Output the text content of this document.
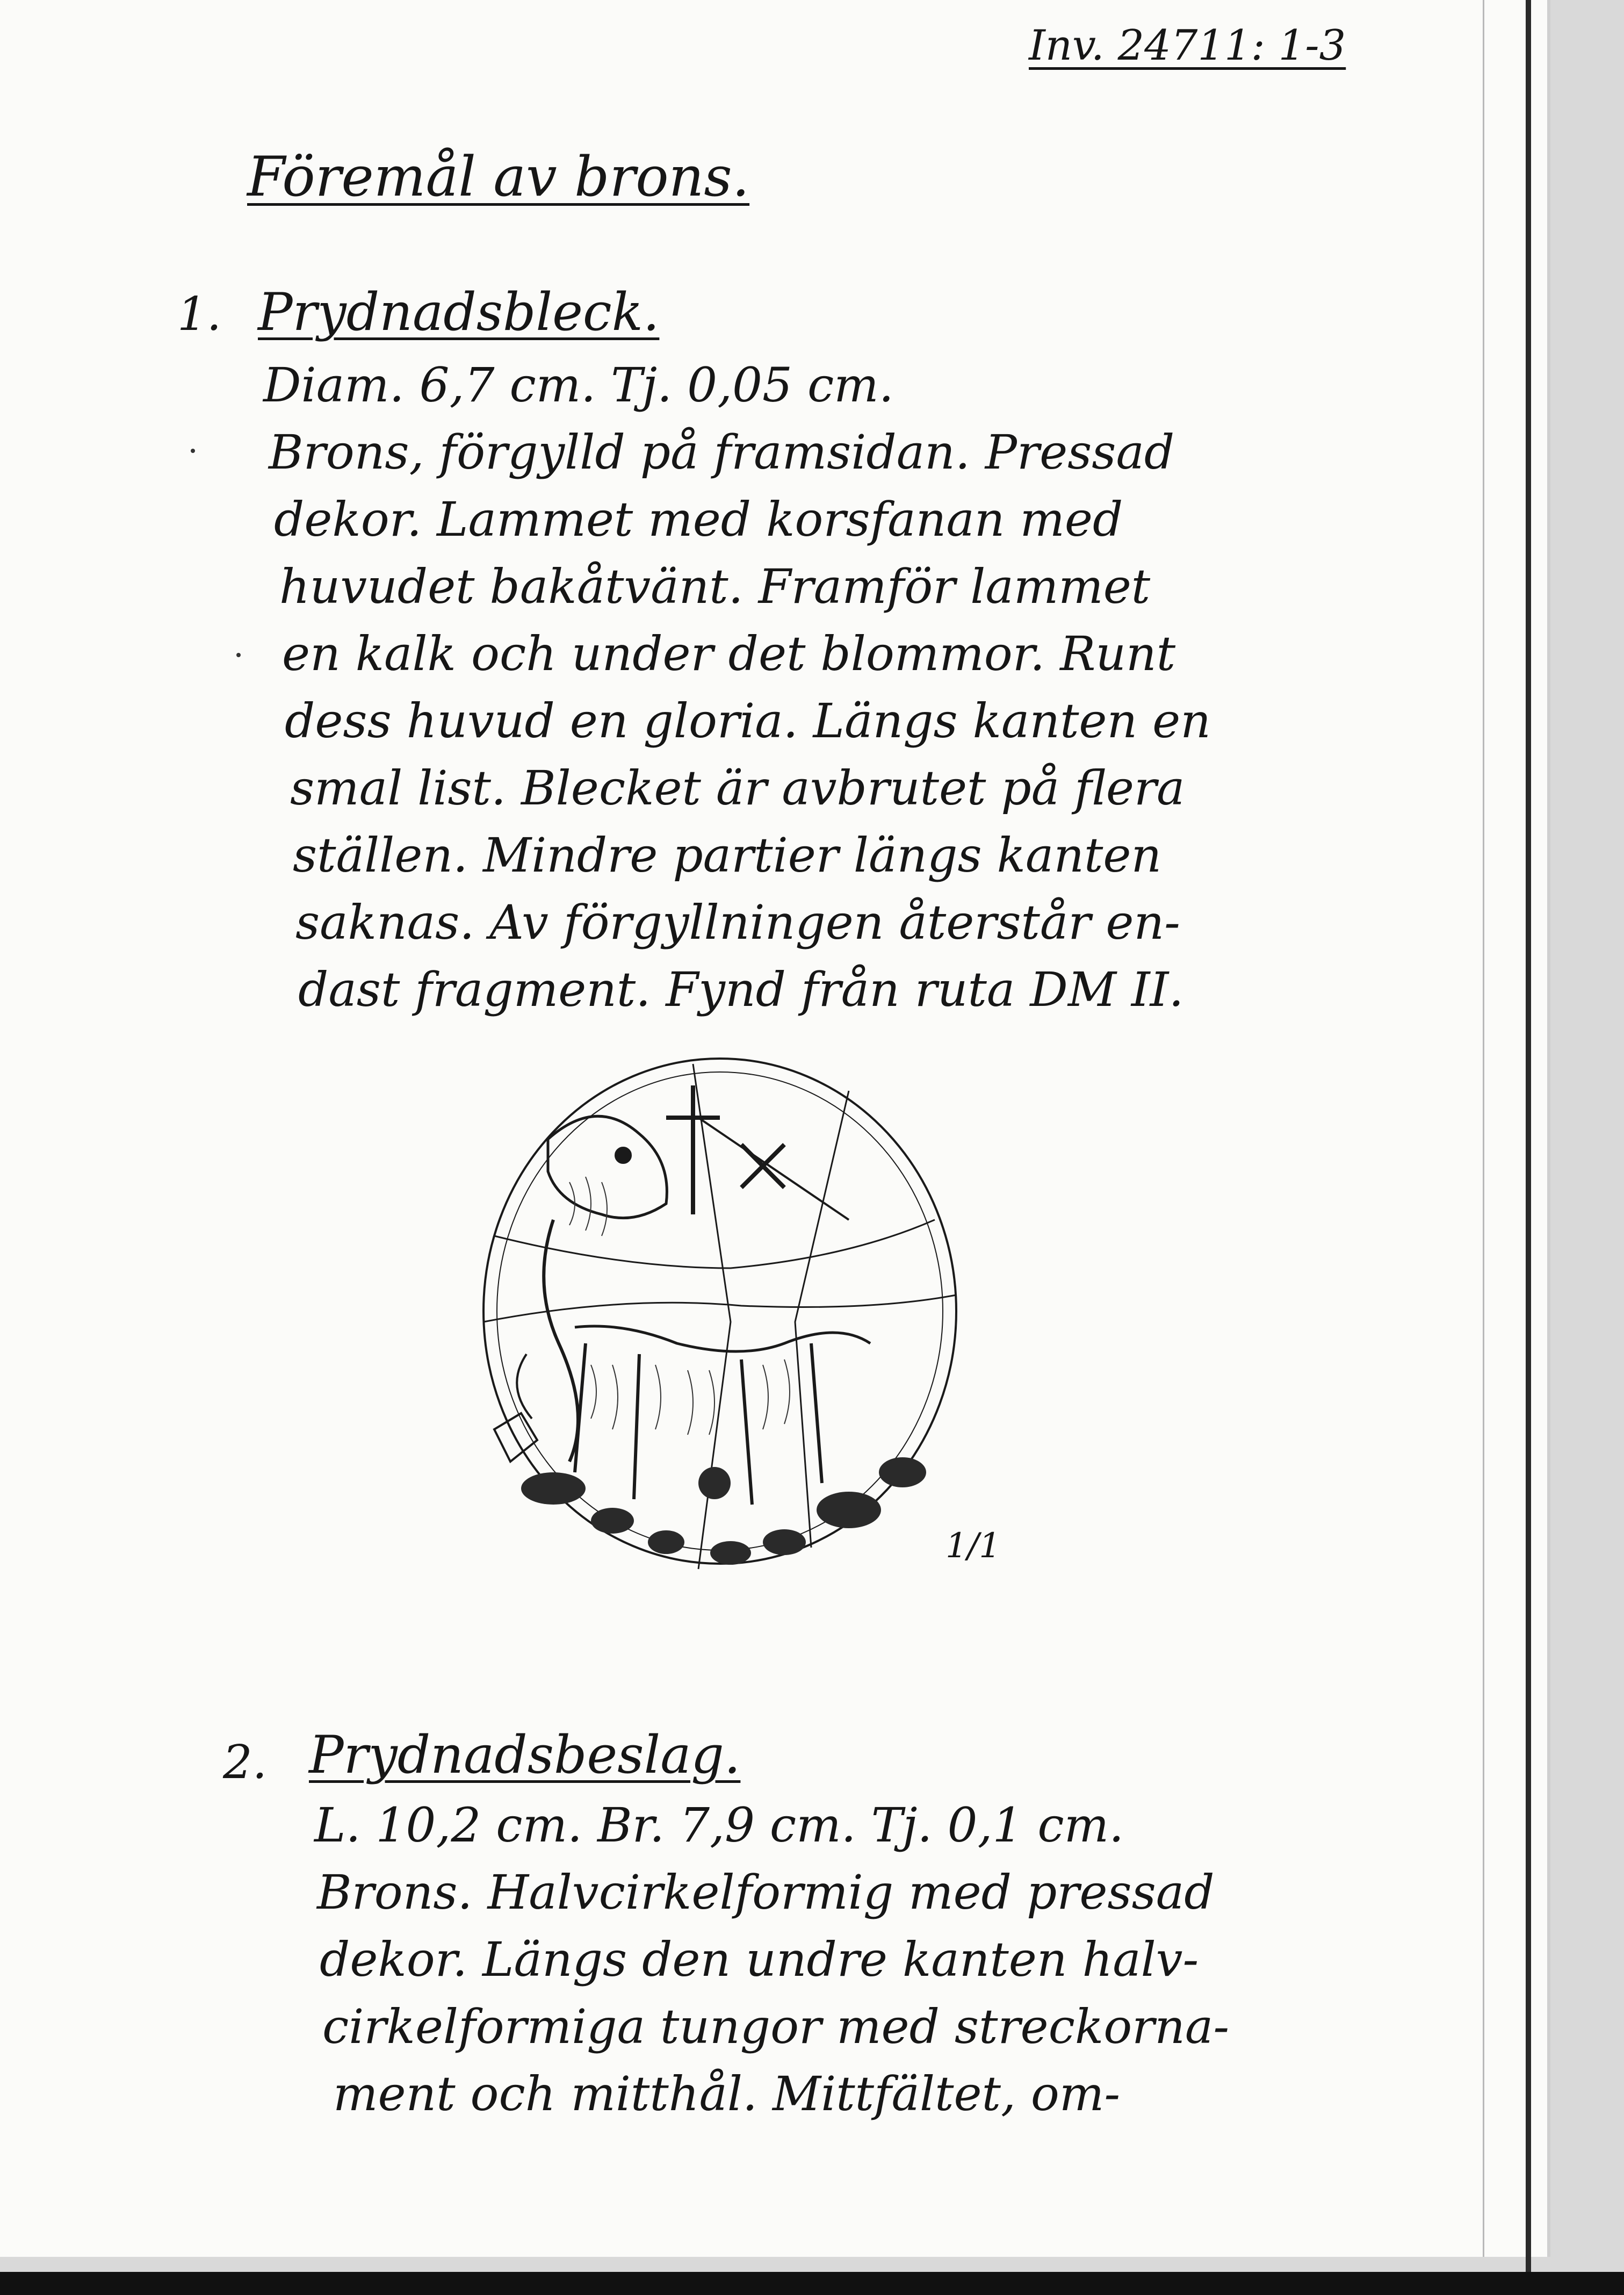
Inv. 24711: 1-3
Föremål av brons.
1. Prydnadsbleck.
Diam. 6,7 cm. Tj. 0,05 cm.
Brons, förgylld på framsidan. Pressad
dekor. Lammet med korsfanan med
huvudet bakåtvänt. Framför lammet
en kalk och under det blommor. Runt
dess huvud en gloria. Längs kanten en
smal list. Blecket är avbrutet på flera
ställen. Mindre partier längs kanten
saknas. Av förgyllningen återstår en-
dast fragment. Fynd från ruta DM II.
1/1
2. Prydnadsbeslag.
L. 10,2 cm. Br. 7,9 cm. Tj. 0,1 cm.
Brons. Halvcirkelformig med pressad
dekor. Längs den undre kanten halv-
cirkelformiga tungor med streckorna-
ment och mitthål. Mittfältet, om-
